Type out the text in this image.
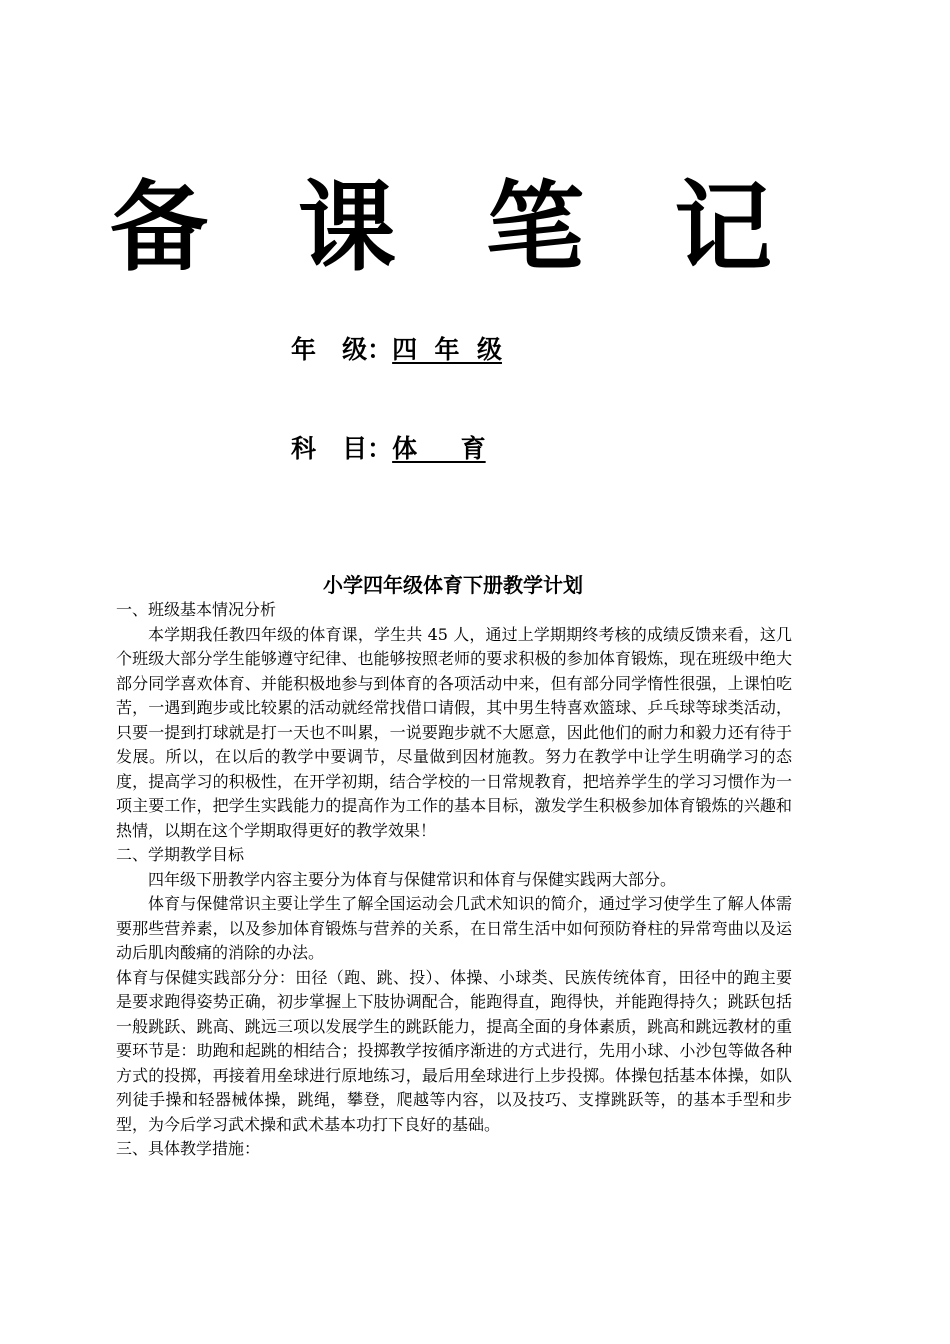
备 课 笔 记
年   级：四  年  级
科   目：体     育
小学四年级体育下册教学计划

一、班级基本情况分析

本学期我任教四年级的体育课，学生共 45 人，通过上学期期终考核的成绩反馈来看，这几个班级大部分学生能够遵守纪律、也能够按照老师的要求积极的参加体育锻炼，现在班级中绝大部分同学喜欢体育、并能积极地参与到体育的各项活动中来，但有部分同学惰性很强，上课怕吃苦，一遇到跑步或比较累的活动就经常找借口请假，其中男生特喜欢篮球、乒乓球等球类活动，只要一提到打球就是打一天也不叫累，一说要跑步就不大愿意，因此他们的耐力和毅力还有待于发展。所以，在以后的教学中要调节，尽量做到因材施教。努力在教学中让学生明确学习的态度，提高学习的积极性，在开学初期，结合学校的一日常规教育，把培养学生的学习习惯作为一项主要工作，把学生实践能力的提高作为工作的基本目标，激发学生积极参加体育锻炼的兴趣和热情，以期在这个学期取得更好的教学效果！

二、学期教学目标

四年级下册教学内容主要分为体育与保健常识和体育与保健实践两大部分。

体育与保健常识主要让学生了解全国运动会几武术知识的简介，通过学习使学生了解人体需要那些营养素，以及参加体育锻炼与营养的关系，在日常生活中如何预防脊柱的异常弯曲以及运动后肌肉酸痛的消除的办法。

体育与保健实践部分分：田径（跑、跳、投）、体操、小球类、民族传统体育，田径中的跑主要是要求跑得姿势正确，初步掌握上下肢协调配合，能跑得直，跑得快，并能跑得持久；跳跃包括一般跳跃、跳高、跳远三项以发展学生的跳跃能力，提高全面的身体素质，跳高和跳远教材的重要环节是：助跑和起跳的相结合；投掷教学按循序渐进的方式进行，先用小球、小沙包等做各种方式的投掷，再接着用垒球进行原地练习，最后用垒球进行上步投掷。体操包括基本体操，如队列徒手操和轻器械体操，跳绳，攀登，爬越等内容，以及技巧、支撑跳跃等，的基本手型和步型，为今后学习武术操和武术基本功打下良好的基础。

三、具体教学措施：
